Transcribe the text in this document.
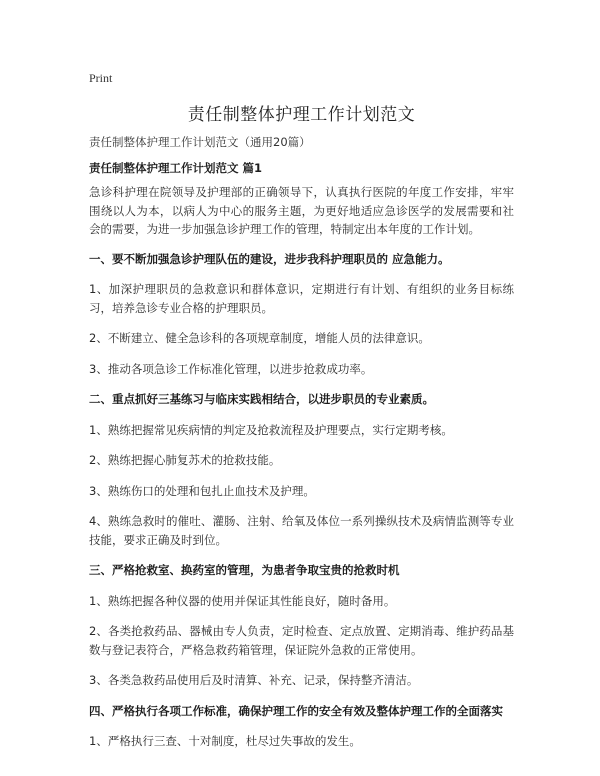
Print
责任制整体护理工作计划范文
责任制整体护理工作计划范文（通用20篇）
责任制整体护理工作计划范文 篇1

急诊科护理在院领导及护理部的正确领导下，认真执行医院的年度工作安排，牢牢围绕以人为本，以病人为中心的服务主题，为更好地适应急诊医学的发展需要和社会的需要，为进一步加强急诊护理工作的管理，特制定出本年度的工作计划。

一、要不断加强急诊护理队伍的建设，进步我科护理职员的 应急能力。

1、加深护理职员的急救意识和群体意识，定期进行有计划、有组织的业务目标练习，培养急诊专业合格的护理职员。

2、不断建立、健全急诊科的各项规章制度，增能人员的法律意识。

3、推动各项急诊工作标准化管理，以进步抢救成功率。

二、重点抓好三基练习与临床实践相结合，以进步职员的专业素质。

1、熟练把握常见疾病情的判定及抢救流程及护理要点，实行定期考核。

2、熟练把握心肺复苏术的抢救技能。

3、熟练伤口的处理和包扎止血技术及护理。

4、熟练急救时的催吐、灌肠、注射、给氧及体位一系列操纵技术及病情监测等专业技能，要求正确及时到位。

三、严格抢救室、换药室的管理，为患者争取宝贵的抢救时机

1、熟练把握各种仪器的使用并保证其性能良好，随时备用。

2、各类抢救药品、器械由专人负责，定时检查、定点放置、定期消毒、维护药品基数与登记表符合，严格急救药箱管理，保证院外急救的正常使用。

3、各类急救药品使用后及时清算、补充、记录，保持整齐清洁。

四、严格执行各项工作标准，确保护理工作的安全有效及整体护理工作的全面落实

1、严格执行三查、十对制度，杜尽过失事故的发生。
